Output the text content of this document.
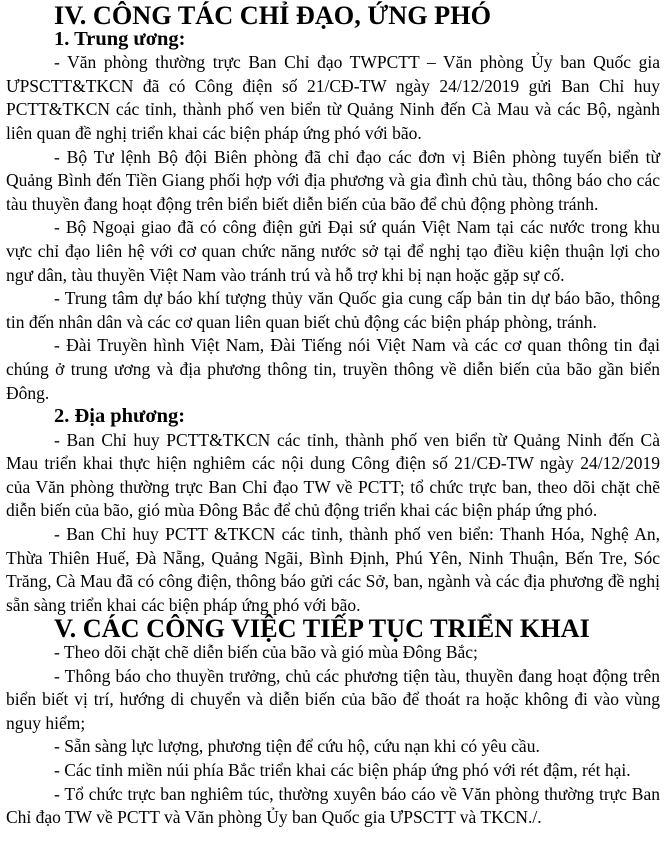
IV. CÔNG TÁC CHỈ ĐẠO, ỨNG PHÓ
1. Trung ương:

- Văn phòng thường trực Ban Chỉ đạo TWPCTT – Văn phòng Ủy ban Quốc gia ƯPSCTT&TKCN đã có Công điện số 21/CĐ-TW ngày 24/12/2019 gửi Ban Chỉ huy PCTT&TKCN các tỉnh, thành phố ven biển từ Quảng Ninh đến Cà Mau và các Bộ, ngành liên quan đề nghị triển khai các biện pháp ứng phó với bão.

- Bộ Tư lệnh Bộ đội Biên phòng đã chỉ đạo các đơn vị Biên phòng tuyến biển từ Quảng Bình đến Tiền Giang phối hợp với địa phương và gia đình chủ tàu, thông báo cho các tàu thuyền đang hoạt động trên biển biết diễn biến của bão để chủ động phòng tránh.

- Bộ Ngoại giao đã có công điện gửi Đại sứ quán Việt Nam tại các nước trong khu vực chỉ đạo liên hệ với cơ quan chức năng nước sở tại để nghị tạo điều kiện thuận lợi cho ngư dân, tàu thuyền Việt Nam vào tránh trú và hỗ trợ khi bị nạn hoặc gặp sự cố.

- Trung tâm dự báo khí tượng thủy văn Quốc gia cung cấp bản tin dự báo bão, thông tin đến nhân dân và các cơ quan liên quan biết chủ động các biện pháp phòng, tránh.

- Đài Truyền hình Việt Nam, Đài Tiếng nói Việt Nam và các cơ quan thông tin đại chúng ở trung ương và địa phương thông tin, truyền thông về diễn biến của bão gần biển Đông.

2. Địa phương:

- Ban Chỉ huy PCTT&TKCN các tỉnh, thành phố ven biển từ Quảng Ninh đến Cà Mau triển khai thực hiện nghiêm các nội dung Công điện số 21/CĐ-TW ngày 24/12/2019 của Văn phòng thường trực Ban Chỉ đạo TW về PCTT; tổ chức trực ban, theo dõi chặt chẽ diễn biến của bão, gió mùa Đông Bắc để chủ động triển khai các biện pháp ứng phó.

- Ban Chỉ huy PCTT &TKCN các tỉnh, thành phố ven biển: Thanh Hóa, Nghệ An, Thừa Thiên Huế, Đà Nẵng, Quảng Ngãi, Bình Định, Phú Yên, Ninh Thuận, Bến Tre, Sóc Trăng, Cà Mau đã có công điện, thông báo gửi các Sở, ban, ngành và các địa phương đề nghị sẵn sàng triển khai các biện pháp ứng phó với bão.

V. CÁC CÔNG VIỆC TIẾP TỤC TRIỂN KHAI

- Theo dõi chặt chẽ diễn biến của bão và gió mùa Đông Bắc;

- Thông báo cho thuyền trưởng, chủ các phương tiện tàu, thuyền đang hoạt động trên biển biết vị trí, hướng di chuyển và diễn biến của bão để thoát ra hoặc không đi vào vùng nguy hiểm;

- Sẵn sàng lực lượng, phương tiện để cứu hộ, cứu nạn khi có yêu cầu.

- Các tỉnh miền núi phía Bắc triển khai các biện pháp ứng phó với rét đậm, rét hại.

- Tổ chức trực ban nghiêm túc, thường xuyên báo cáo về Văn phòng thường trực Ban Chỉ đạo TW về PCTT và Văn phòng Ủy ban Quốc gia ƯPSCTT và TKCN./.
